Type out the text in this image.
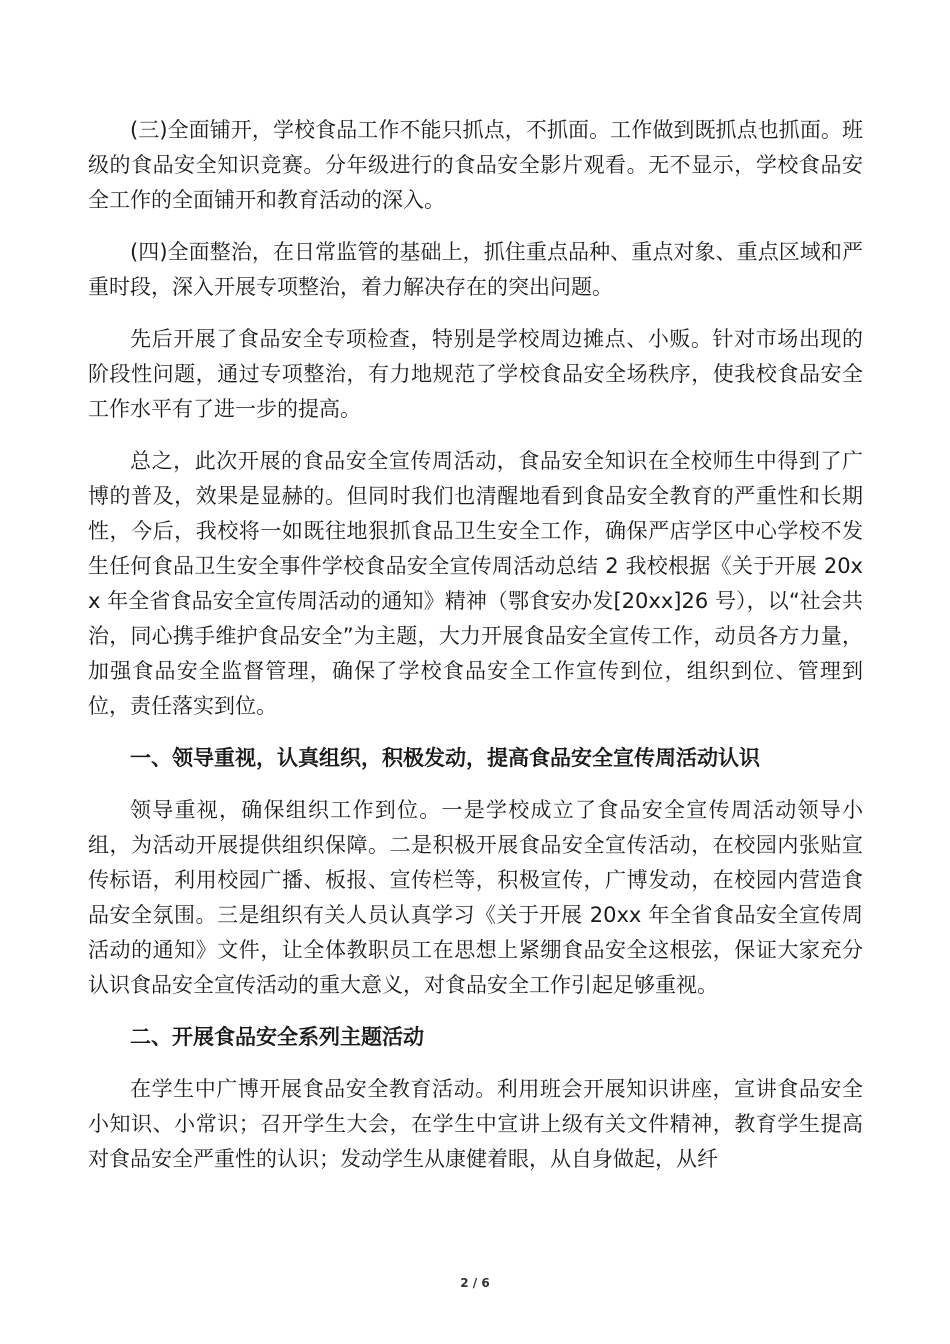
(三)全面铺开，学校食品工作不能只抓点，不抓面。工作做到既抓点也抓面。班级的食品安全知识竞赛。分年级进行的食品安全影片观看。无不显示，学校食品安全工作的全面铺开和教育活动的深入。

(四)全面整治，在日常监管的基础上，抓住重点品种、重点对象、重点区域和严重时段，深入开展专项整治，着力解决存在的突出问题。

先后开展了食品安全专项检查，特别是学校周边摊点、小贩。针对市场出现的阶段性问题，通过专项整治，有力地规范了学校食品安全场秩序，使我校食品安全工作水平有了进一步的提高。

总之，此次开展的食品安全宣传周活动，食品安全知识在全校师生中得到了广博的普及，效果是显赫的。但同时我们也清醒地看到食品安全教育的严重性和长期性，今后，我校将一如既往地狠抓食品卫生安全工作，确保严店学区中心学校不发生任何食品卫生安全事件学校食品安全宣传周活动总结 2 我校根据《关于开展 20xx 年全省食品安全宣传周活动的通知》精神（鄂食安办发[20xx]26 号），以“社会共治，同心携手维护食品安全”为主题，大力开展食品安全宣传工作，动员各方力量，加强食品安全监督管理，确保了学校食品安全工作宣传到位，组织到位、管理到位，责任落实到位。

一、领导重视，认真组织，积极发动，提高食品安全宣传周活动认识

领导重视，确保组织工作到位。一是学校成立了食品安全宣传周活动领导小组，为活动开展提供组织保障。二是积极开展食品安全宣传活动，在校园内张贴宣传标语，利用校园广播、板报、宣传栏等，积极宣传，广博发动，在校园内营造食品安全氛围。三是组织有关人员认真学习《关于开展 20xx 年全省食品安全宣传周活动的通知》文件，让全体教职员工在思想上紧绷食品安全这根弦，保证大家充分认识食品安全宣传活动的重大意义，对食品安全工作引起足够重视。

二、开展食品安全系列主题活动

在学生中广博开展食品安全教育活动。利用班会开展知识讲座，宣讲食品安全小知识、小常识；召开学生大会，在学生中宣讲上级有关文件精神，教育学生提高对食品安全严重性的认识；发动学生从康健着眼，从自身做起，从纤

2 / 6
